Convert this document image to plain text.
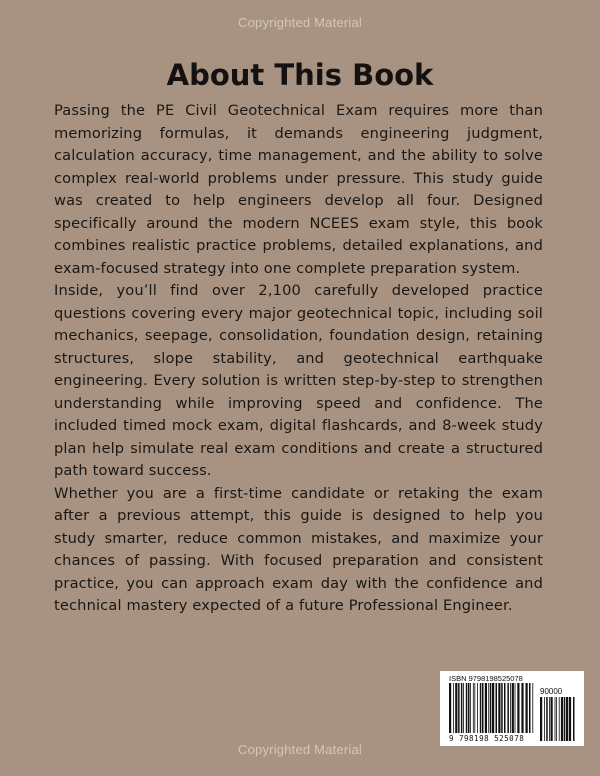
Copyrighted Material
About This Book

Passing the PE Civil Geotechnical Exam requires more than memorizing formulas, it demands engineering judgment, calculation accuracy, time management, and the ability to solve complex real-world problems under pressure. This study guide was created to help engineers develop all four. Designed specifically around the modern NCEES exam style, this book combines realistic practice problems, detailed explanations, and exam-focused strategy into one complete preparation system.

Inside, you’ll find over 2,100 carefully developed practice questions covering every major geotechnical topic, including soil mechanics, seepage, consolidation, foundation design, retaining structures, slope stability, and geotechnical earthquake engineering. Every solution is written step-by-step to strengthen understanding while improving speed and confidence. The included timed mock exam, digital flashcards, and 8-week study plan help simulate real exam conditions and create a structured path toward success.

Whether you are a first-time candidate or retaking the exam after a previous attempt, this guide is designed to help you study smarter, reduce common mistakes, and maximize your chances of passing. With focused preparation and consistent practice, you can approach exam day with the confidence and technical mastery expected of a future Professional Engineer.

ISBN 9798198525078
90000
9 798198 525078
Copyrighted Material
